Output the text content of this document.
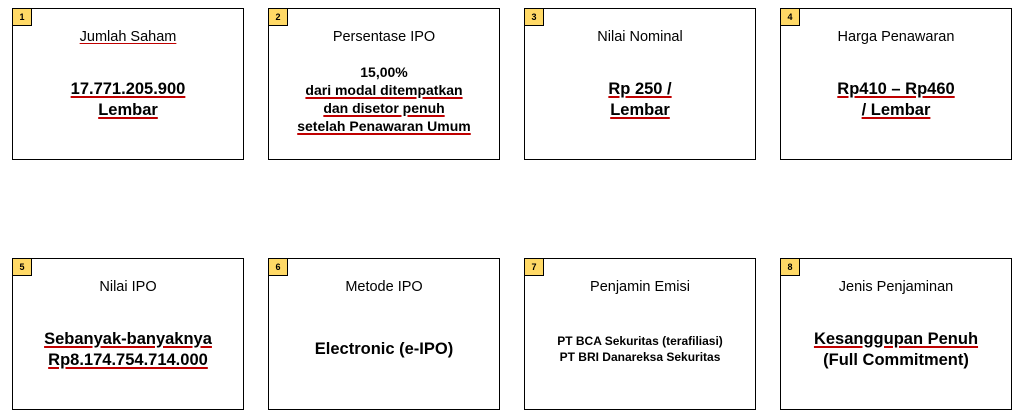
Jumlah Saham
17.771.205.900
Lembar
1
Persentase IPO
15,00%
dari modal ditempatkan
dan disetor penuh
setelah Penawaran Umum
2
Nilai Nominal
Rp 250 /
Lembar
3
Harga Penawaran
Rp410 – Rp460
/ Lembar
4
Nilai IPO
Sebanyak-banyaknya
Rp8.174.754.714.000
5
Metode IPO
Electronic (e-IPO)
6
Penjamin Emisi
PT BCA Sekuritas (terafiliasi)
PT BRI Danareksa Sekuritas
7
Jenis Penjaminan
Kesanggupan Penuh
(Full Commitment)
8
